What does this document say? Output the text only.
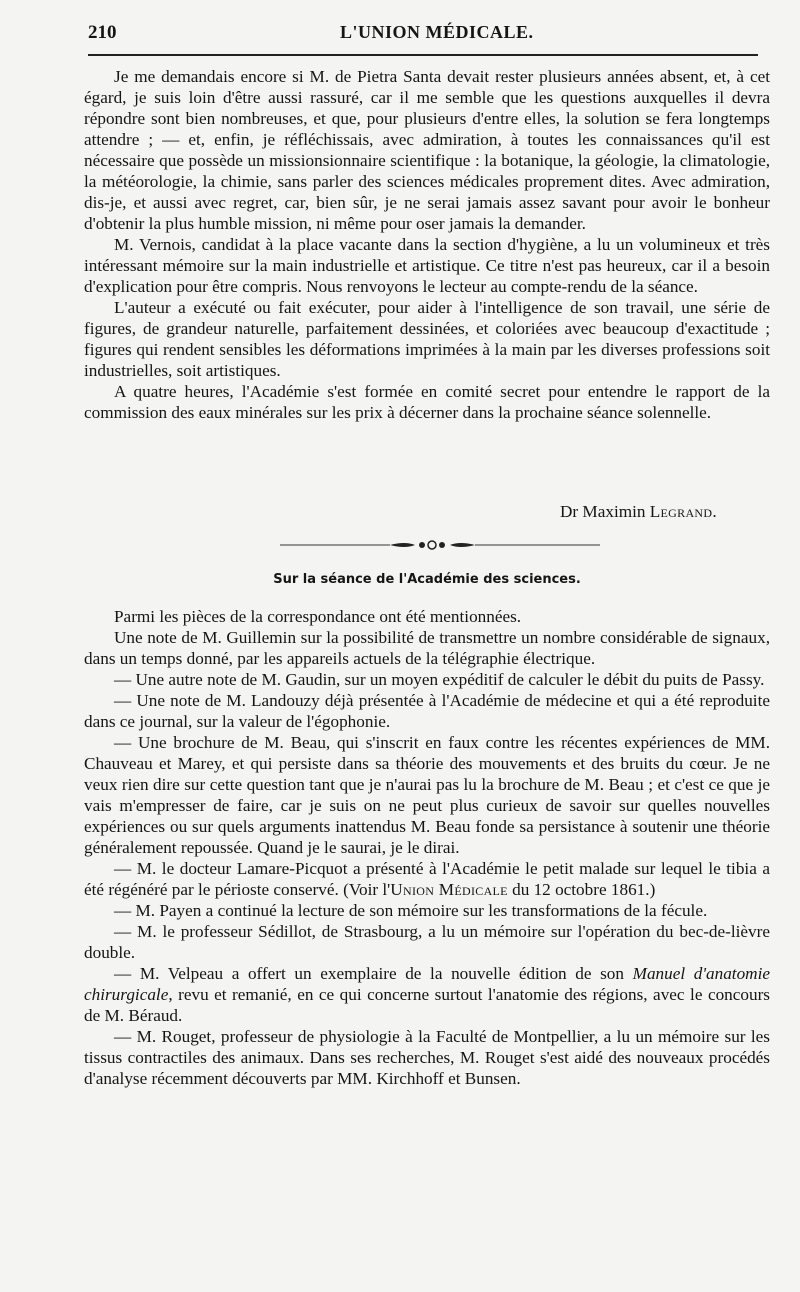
210	L'UNION MÉDICALE.

Je me demandais encore si M. de Pietra Santa devait rester plusieurs années absent, et, à cet égard, je suis loin d'être aussi rassuré, car il me semble que les questions auxquelles il devra répondre sont bien nombreuses, et que, pour plusieurs d'entre elles, la solution se fera longtemps attendre ; — et, enfin, je réfléchissais, avec admiration, à toutes les connaissances qu'il est nécessaire que possède un missionsionnaire scientifique : la botanique, la géologie, la climatologie, la météorologie, la chimie, sans parler des sciences médicales proprement dites. Avec admiration, dis-je, et aussi avec regret, car, bien sûr, je ne serai jamais assez savant pour avoir le bonheur d'obtenir la plus humble mission, ni même pour oser jamais la demander.

M. Vernois, candidat à la place vacante dans la section d'hygiène, a lu un volumineux et très intéressant mémoire sur la main industrielle et artistique. Ce titre n'est pas heureux, car il a besoin d'explication pour être compris. Nous renvoyons le lecteur au compte-rendu de la séance.

L'auteur a exécuté ou fait exécuter, pour aider à l'intelligence de son travail, une série de figures, de grandeur naturelle, parfaitement dessinées, et coloriées avec beaucoup d'exactitude ; figures qui rendent sensibles les déformations imprimées à la main par les diverses professions soit industrielles, soit artistiques.

A quatre heures, l'Académie s'est formée en comité secret pour entendre le rapport de la commission des eaux minérales sur les prix à décerner dans la prochaine séance solennelle.

Dr Maximin Legrand.
Sur la séance de l'Académie des sciences.

Parmi les pièces de la correspondance ont été mentionnées.

Une note de M. Guillemin sur la possibilité de transmettre un nombre considérable de signaux, dans un temps donné, par les appareils actuels de la télégraphie électrique.

— Une autre note de M. Gaudin, sur un moyen expéditif de calculer le débit du puits de Passy.

— Une note de M. Landouzy déjà présentée à l'Académie de médecine et qui a été reproduite dans ce journal, sur la valeur de l'égophonie.

— Une brochure de M. Beau, qui s'inscrit en faux contre les récentes expériences de MM. Chauveau et Marey, et qui persiste dans sa théorie des mouvements et des bruits du cœur. Je ne veux rien dire sur cette question tant que je n'aurai pas lu la brochure de M. Beau ; et c'est ce que je vais m'empresser de faire, car je suis on ne peut plus curieux de savoir sur quelles nouvelles expériences ou sur quels arguments inattendus M. Beau fonde sa persistance à soutenir une théorie généralement repoussée. Quand je le saurai, je le dirai.

— M. le docteur Lamare-Picquot a présenté à l'Académie le petit malade sur lequel le tibia a été régénéré par le périoste conservé. (Voir l'Union Médicale du 12 octobre 1861.)

— M. Payen a continué la lecture de son mémoire sur les transformations de la fécule.

— M. le professeur Sédillot, de Strasbourg, a lu un mémoire sur l'opération du bec-de-lièvre double.

— M. Velpeau a offert un exemplaire de la nouvelle édition de son Manuel d'anatomie chirurgicale, revu et remanié, en ce qui concerne surtout l'anatomie des régions, avec le concours de M. Béraud.

— M. Rouget, professeur de physiologie à la Faculté de Montpellier, a lu un mémoire sur les tissus contractiles des animaux. Dans ses recherches, M. Rouget s'est aidé des nouveaux procédés d'analyse récemment découverts par MM. Kirchhoff et Bunsen.
